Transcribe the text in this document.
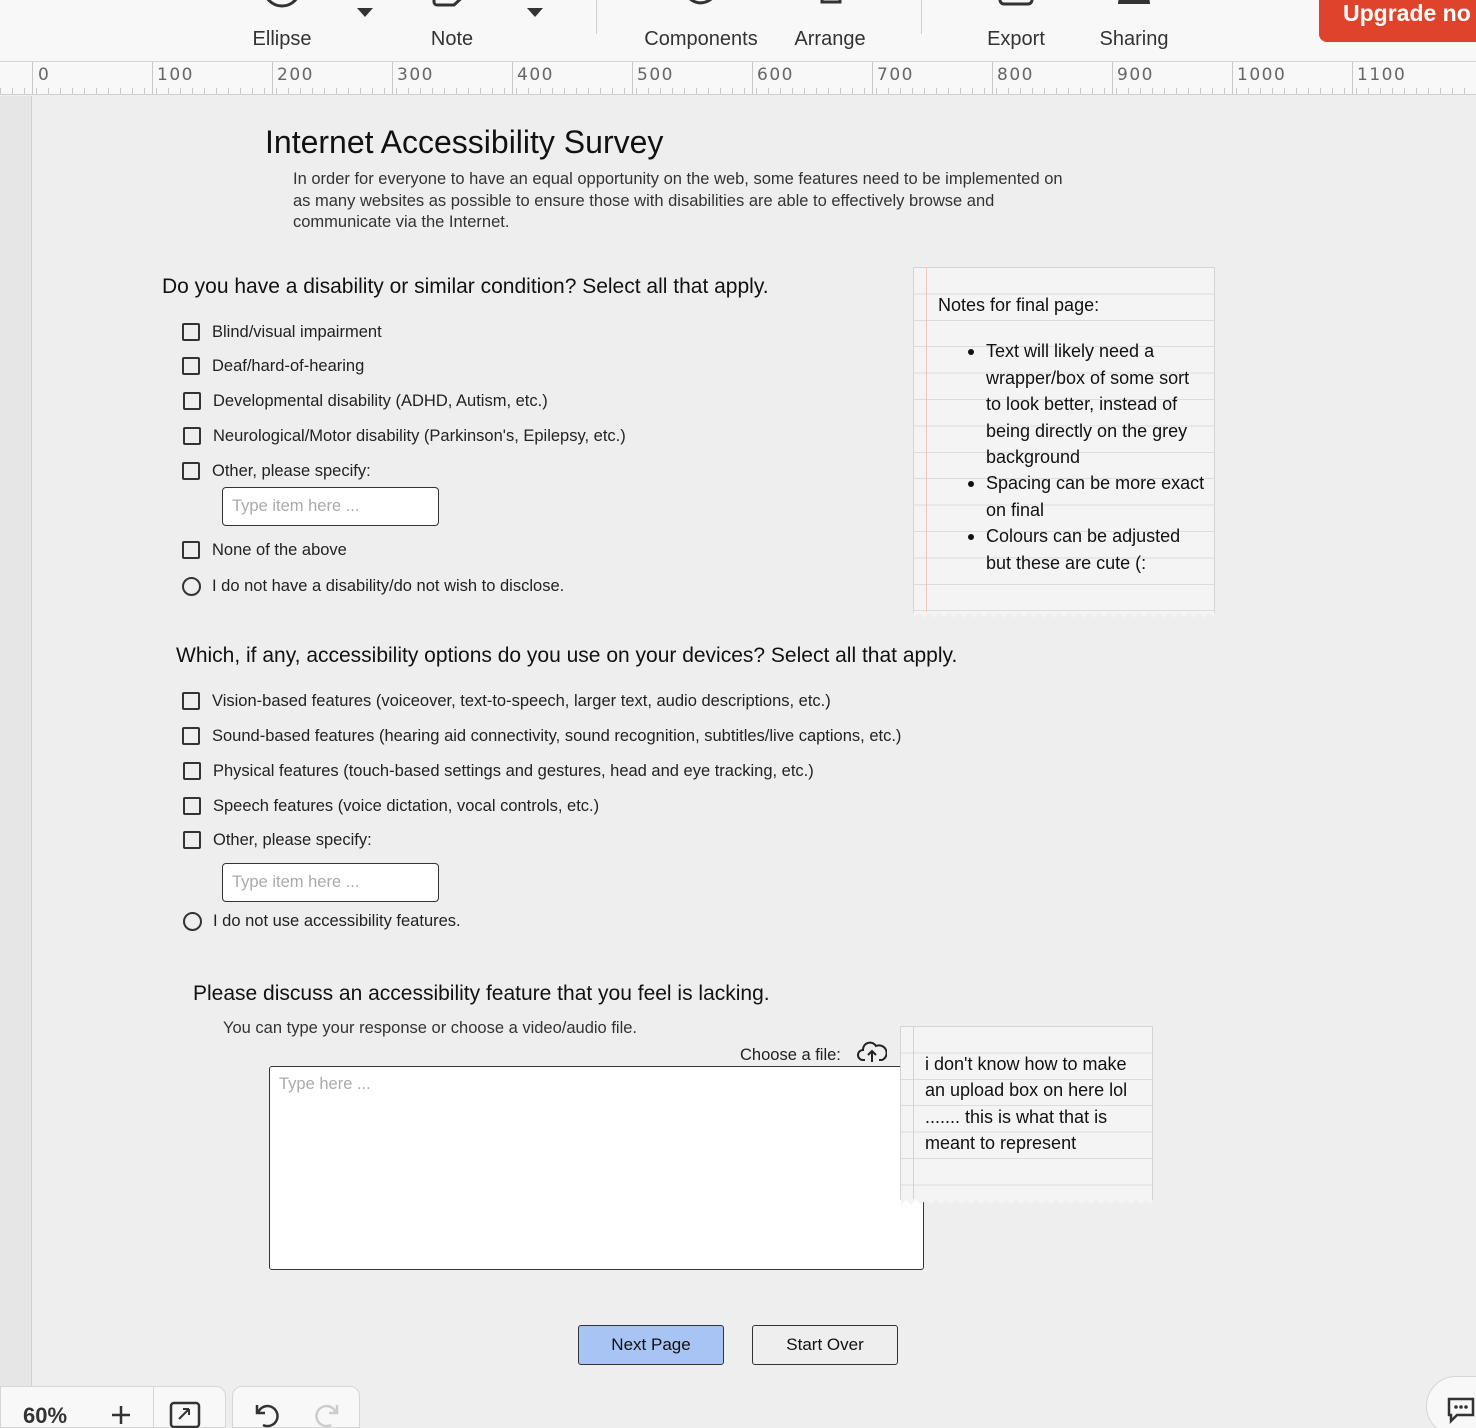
Ellipse	Note	Components Arrange	Export	Sharing
Upgrade no
0	100	200	300	400	500	600	700	800	900	1000	1100
Internet Accessibility Survey
In order for everyone to have an equal opportunity on the web, some features need to be implemented on as many websites as possible to ensure those with disabilities are able to effectively browse and communicate via the Internet.
Do you have a disability or similar condition? Select all that apply.
Blind/visual impairment
Deaf/hard-of-hearing
Developmental disability (ADHD, Autism, etc.)
Neurological/Motor disability (Parkinson's, Epilepsy, etc.)
Other, please specify:
Type item here ...
None of the above
I do not have a disability/do not wish to disclose.
Notes for final page:
Text will likely need a wrapper/box of some sort to look better, instead of being directly on the grey background
Spacing can be more exact on final
Colours can be adjusted but these are cute (:
Which, if any, accessibility options do you use on your devices? Select all that apply.
Vision-based features (voiceover, text-to-speech, larger text, audio descriptions, etc.)
Sound-based features (hearing aid connectivity, sound recognition, subtitles/live captions, etc.)
Physical features (touch-based settings and gestures, head and eye tracking, etc.)
Speech features (voice dictation, vocal controls, etc.)
Other, please specify:
Type item here ...
I do not use accessibility features.
Please discuss an accessibility feature that you feel is lacking.
You can type your response or choose a video/audio file.
Choose a file:
Type here ...
i don't know how to make an upload box on here lol ....... this is what that is meant to represent
Next Page	Start Over
60%
